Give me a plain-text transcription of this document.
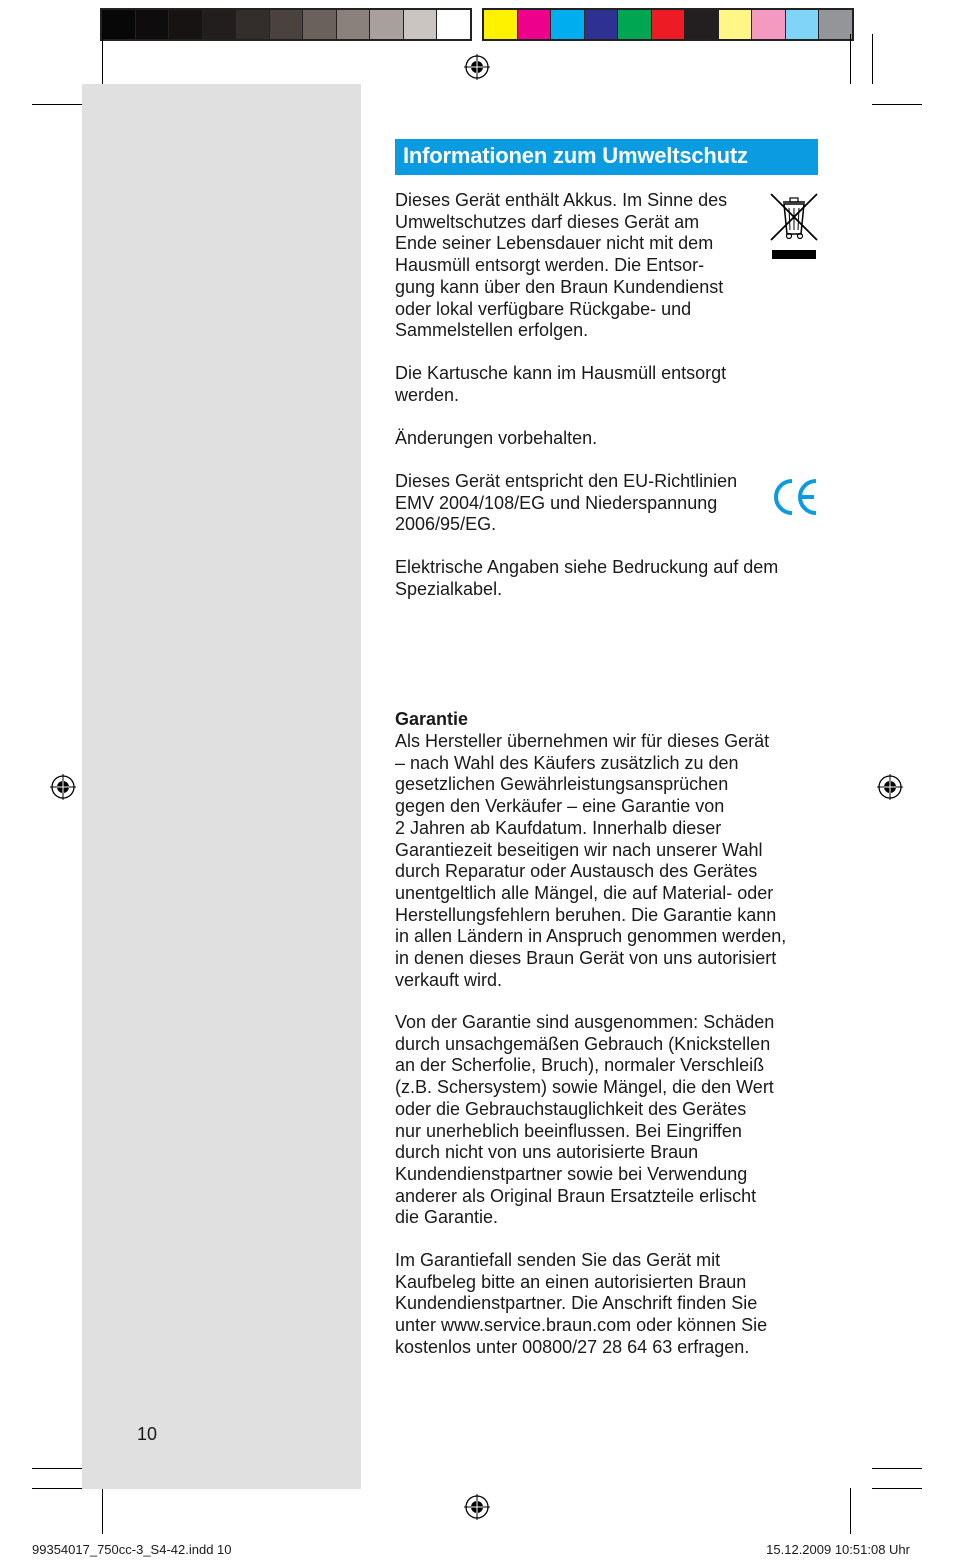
10
Informationen zum Umweltschutz

Dieses Gerät enthält Akkus. Im Sinne des
Umweltschutzes darf dieses Gerät am
Ende seiner Lebensdauer nicht mit dem
Hausmüll entsorgt werden. Die Entsor-
gung kann über den Braun Kundendienst
oder lokal verfügbare Rückgabe- und
Sammelstellen erfolgen.

Die Kartusche kann im Hausmüll entsorgt
werden.

Änderungen vorbehalten.

Dieses Gerät entspricht den EU-Richtlinien
EMV 2004/108/EG und Niederspannung
2006/95/EG.

Elektrische Angaben siehe Bedruckung auf dem
Spezialkabel.

Garantie

Als Hersteller übernehmen wir für dieses Gerät
– nach Wahl des Käufers zusätzlich zu den
gesetzlichen Gewährleistungsansprüchen
gegen den Verkäufer – eine Garantie von
2 Jahren ab Kaufdatum. Innerhalb dieser
Garantiezeit beseitigen wir nach unserer Wahl
durch Reparatur oder Austausch des Gerätes
unentgeltlich alle Mängel, die auf Material- oder
Herstellungsfehlern beruhen. Die Garantie kann
in allen Ländern in Anspruch genommen werden,
in denen dieses Braun Gerät von uns autorisiert
verkauft wird.

Von der Garantie sind ausgenommen: Schäden
durch unsachgemäßen Gebrauch (Knickstellen
an der Scherfolie, Bruch), normaler Verschleiß
(z.B. Schersystem) sowie Mängel, die den Wert
oder die Gebrauchstauglichkeit des Gerätes
nur unerheblich beeinflussen. Bei Eingriffen
durch nicht von uns autorisierte Braun
Kundendienstpartner sowie bei Verwendung
anderer als Original Braun Ersatzteile erlischt
die Garantie.

Im Garantiefall senden Sie das Gerät mit
Kaufbeleg bitte an einen autorisierten Braun
Kundendienstpartner. Die Anschrift finden Sie
unter www.service.braun.com oder können Sie
kostenlos unter 00800/27 28 64 63 erfragen.

99354017_750cc-3_S4-42.indd 10	15.12.2009 10:51:08 Uhr
